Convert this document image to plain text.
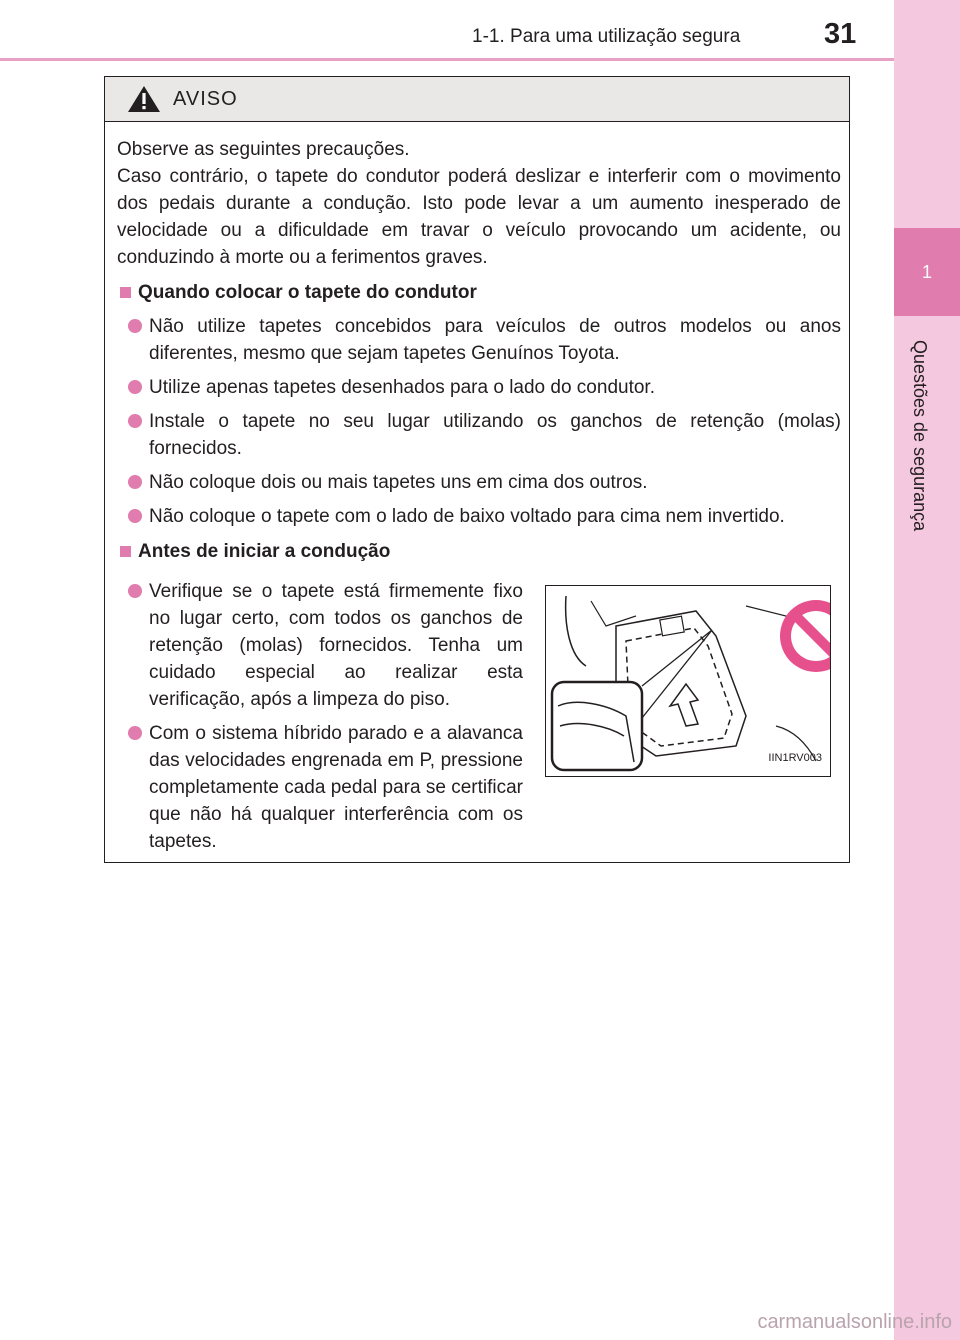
1-1. Para uma utilização segura	31
1
Questões de segurança
AVISO
Observe as seguintes precauções.
Caso contrário, o tapete do condutor poderá deslizar e interferir com o movimento dos pedais durante a condução. Isto pode levar a um aumento inesperado de velocidade ou a dificuldade em travar o veículo provocando um acidente, ou conduzindo à morte ou a ferimentos graves.
Quando colocar o tapete do condutor
Não utilize tapetes concebidos para veículos de outros modelos ou anos diferentes, mesmo que sejam tapetes Genuínos Toyota.
Utilize apenas tapetes desenhados para o lado do condutor.
Instale o tapete no seu lugar utilizando os ganchos de retenção (molas) fornecidos.
Não coloque dois ou mais tapetes uns em cima dos outros.
Não coloque o tapete com o lado de baixo voltado para cima nem invertido.
Antes de iniciar a condução
Verifique se o tapete está firmemente fixo no lugar certo, com todos os ganchos de retenção (molas) fornecidos. Tenha um cuidado especial ao realizar esta verificação, após a limpeza do piso.
Com o sistema híbrido parado e a alavanca das velocidades engrenada em P, pressione completamente cada pedal para se certificar que não há qualquer interferência com os tapetes.
IIN1RV003
carmanualsonline.info
